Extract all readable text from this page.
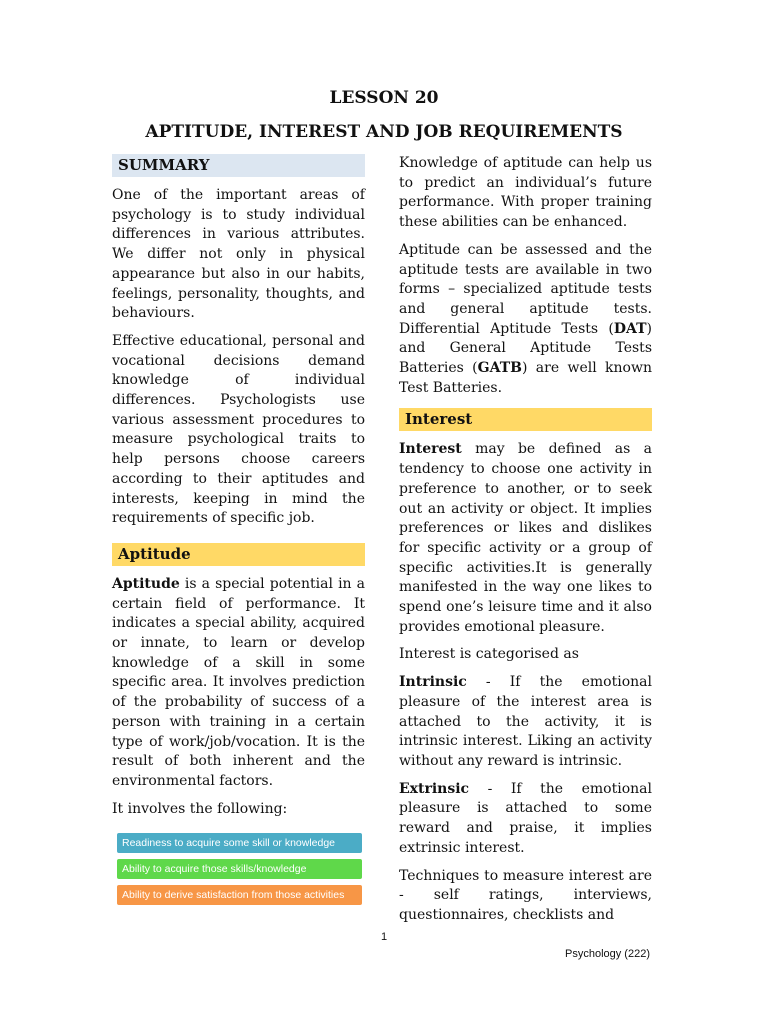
LESSON 20
APTITUDE, INTEREST AND JOB REQUIREMENTS
SUMMARY

One of the important areas of psychology is to study individual differences in various attributes. We differ not only in physical appearance but also in our habits, feelings, personality, thoughts, and behaviours.

Effective educational, personal and vocational decisions demand knowledge of individual differences. Psychologists use various assessment procedures to measure psychological traits to help persons choose careers according to their aptitudes and interests, keeping in mind the requirements of specific job.

Aptitude

Aptitude is a special potential in a certain field of performance. It indicates a special ability, acquired or innate, to learn or develop knowledge of a skill in some specific area. It involves prediction of the probability of success of a person with training in a certain type of work/job/vocation. It is the result of both inherent and the environmental factors.

It involves the following:

Readiness to acquire some skill or knowledge
Ability to acquire those skills/knowledge
Ability to derive satisfaction from those activities

Knowledge of aptitude can help us to predict an individual’s future performance. With proper training these abilities can be enhanced.

Aptitude can be assessed and the aptitude tests are available in two forms – specialized aptitude tests and general aptitude tests. Differential Aptitude Tests (DAT) and General Aptitude Tests Batteries (GATB) are well known Test Batteries.

Interest

Interest may be defined as a tendency to choose one activity in preference to another, or to seek out an activity or object. It implies preferences or likes and dislikes for specific activity or a group of specific activities.It is generally manifested in the way one likes to spend one’s leisure time and it also provides emotional pleasure.

Interest is categorised as

Intrinsic - If the emotional pleasure of the interest area is attached to the activity, it is intrinsic interest. Liking an activity without any reward is intrinsic.

Extrinsic - If the emotional pleasure is attached to some reward and praise, it implies extrinsic interest.

Techniques to measure interest are - self ratings, interviews, questionnaires, checklists and

1
Psychology (222)
